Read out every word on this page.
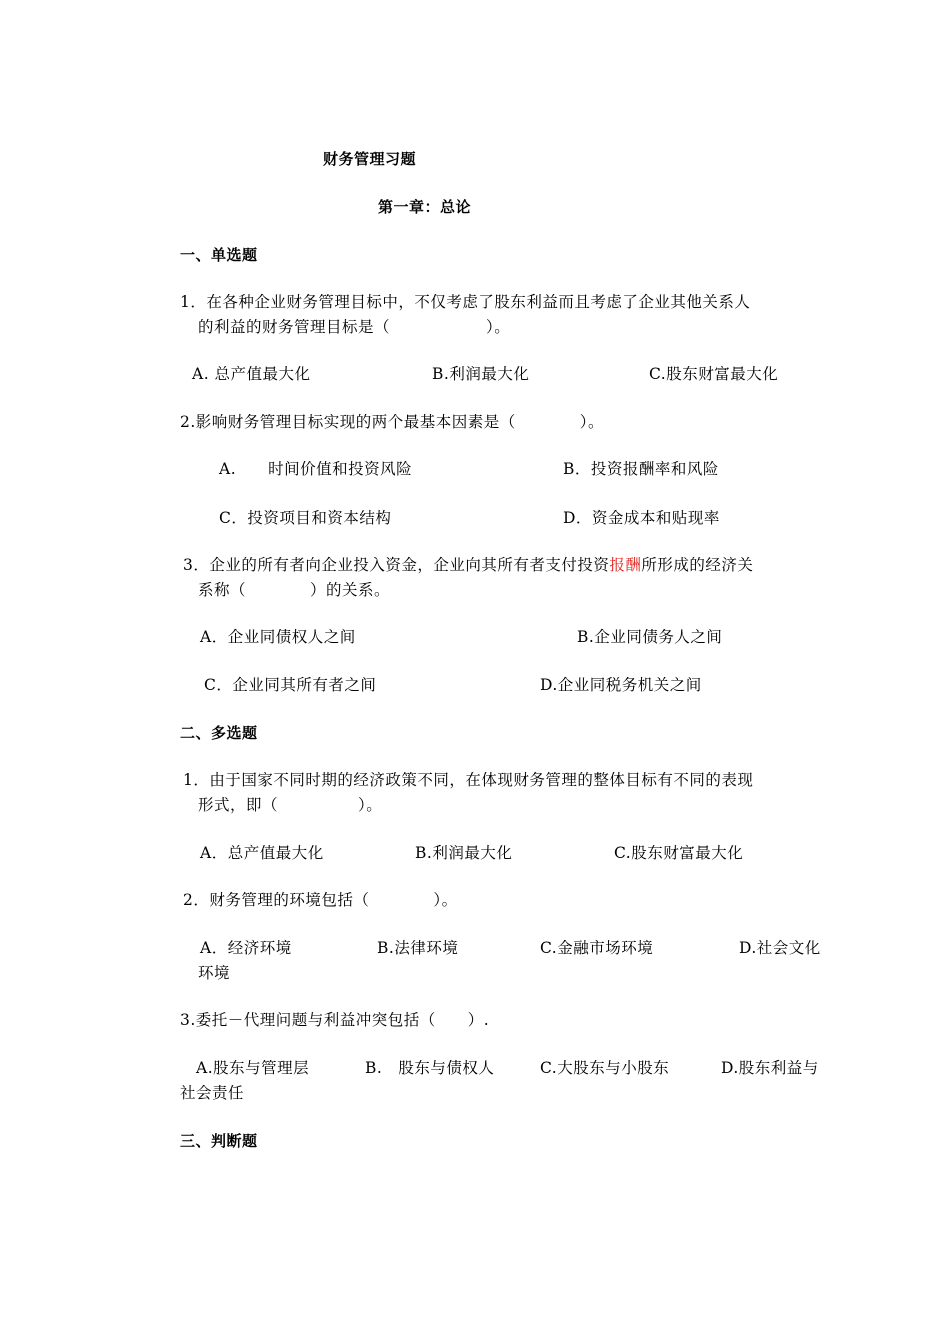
财务管理习题
第一章：总论
一、单选题
1．在各种企业财务管理目标中，不仅考虑了股东利益而且考虑了企业其他关系人
的利益的财务管理目标是（　　　　　　）。
A. 总产值最大化	B.利润最大化	C.股东财富最大化
2.影响财务管理目标实现的两个最基本因素是（　　　　）。
A.　　时间价值和投资风险	B．投资报酬率和风险
C．投资项目和资本结构	D．资金成本和贴现率
3．企业的所有者向企业投入资金，企业向其所有者支付投资报酬所形成的经济关
系称（　　　　）的关系。
A．企业同债权人之间	B.企业同债务人之间
C．企业同其所有者之间	D.企业同税务机关之间
二、多选题
1．由于国家不同时期的经济政策不同，在体现财务管理的整体目标有不同的表现
形式，即（　　　　　）。
A．总产值最大化	B.利润最大化	C.股东财富最大化
2．财务管理的环境包括（　　　　）。
A．经济环境	B.法律环境	C.金融市场环境	D.社会文化
环境
3.委托－代理问题与利益冲突包括（　　）.
A.股东与管理层	B.　股东与债权人	C.大股东与小股东	D.股东利益与
社会责任
三、判断题
